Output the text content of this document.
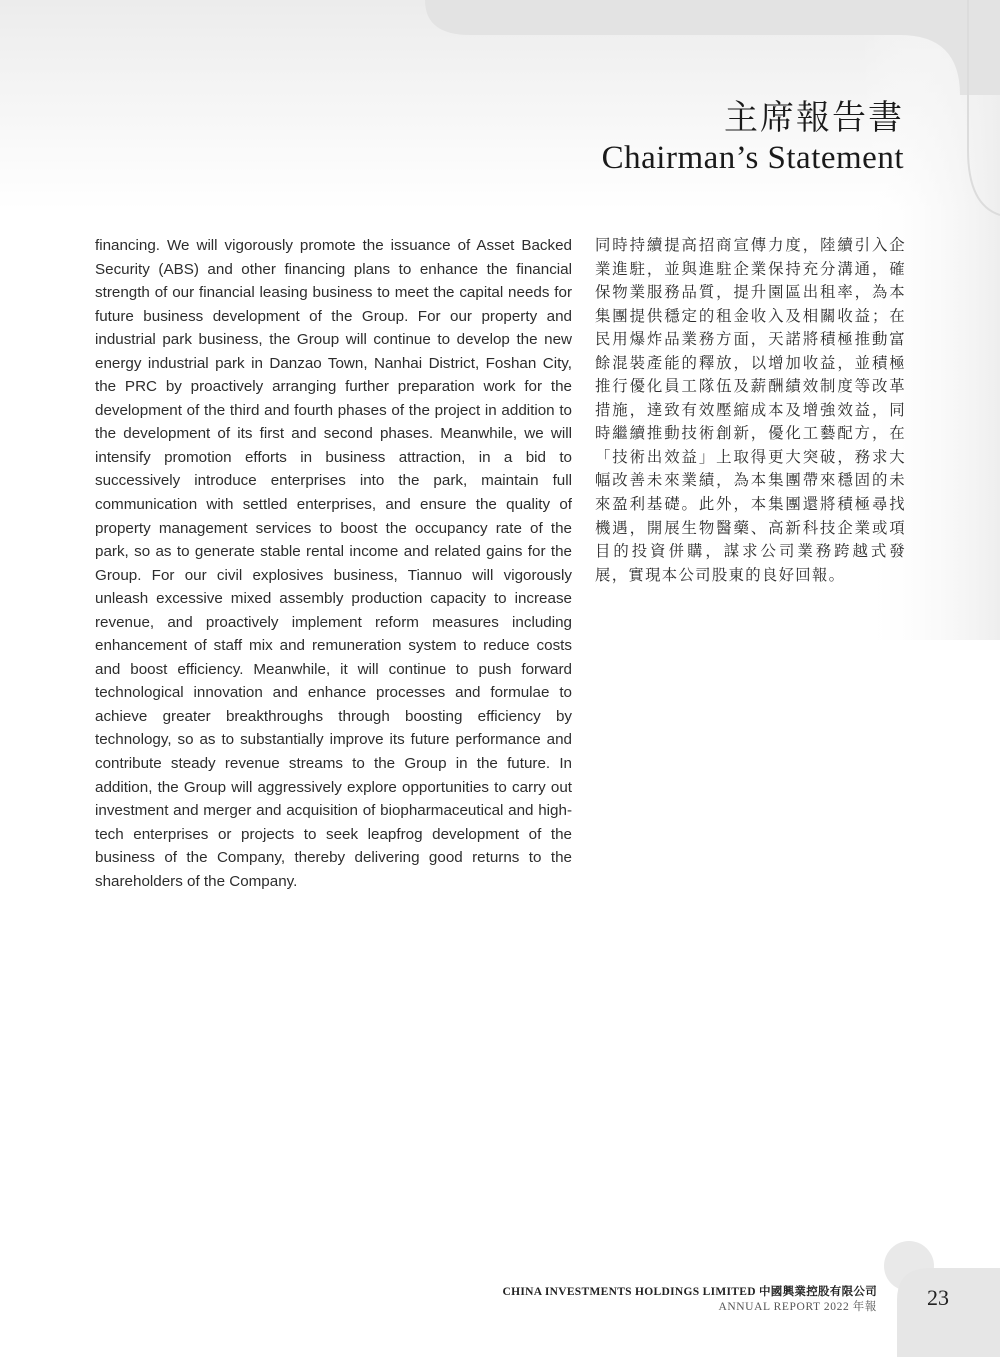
主席報告書
Chairman’s Statement
financing. We will vigorously promote the issuance of Asset Backed Security (ABS) and other financing plans to enhance the financial strength of our financial leasing business to meet the capital needs for future business development of the Group. For our property and industrial park business, the Group will continue to develop the new energy industrial park in Danzao Town, Nanhai District, Foshan City, the PRC by proactively arranging further preparation work for the development of the third and fourth phases of the project in addition to the development of its first and second phases. Meanwhile, we will intensify promotion efforts in business attraction, in a bid to successively introduce enterprises into the park, maintain full communication with settled enterprises, and ensure the quality of property management services to boost the occupancy rate of the park, so as to generate stable rental income and related gains for the Group. For our civil explosives business, Tiannuo will vigorously unleash excessive mixed assembly production capacity to increase revenue, and proactively implement reform measures including enhancement of staff mix and remuneration system to reduce costs and boost efficiency. Meanwhile, it will continue to push forward technological innovation and enhance processes and formulae to achieve greater breakthroughs through boosting efficiency by technology, so as to substantially improve its future performance and contribute steady revenue streams to the Group in the future. In addition, the Group will aggressively explore opportunities to carry out investment and merger and acquisition of biopharmaceutical and high-tech enterprises or projects to seek leapfrog development of the business of the Company, thereby delivering good returns to the shareholders of the Company.
同時持續提高招商宣傳力度，陸續引入企業進駐，並與進駐企業保持充分溝通，確保物業服務品質，提升園區出租率，為本集團提供穩定的租金收入及相關收益；在民用爆炸品業務方面，天諾將積極推動富餘混裝產能的釋放，以增加收益，並積極推行優化員工隊伍及薪酬績效制度等改革措施，達致有效壓縮成本及增強效益，同時繼續推動技術創新，優化工藝配方，在「技術出效益」上取得更大突破，務求大幅改善未來業績，為本集團帶來穩固的未來盈利基礎。此外，本集團還將積極尋找機遇，開展生物醫藥、高新科技企業或項目的投資併購，謀求公司業務跨越式發展，實現本公司股東的良好回報。
CHINA INVESTMENTS HOLDINGS LIMITED 中國興業控股有限公司
ANNUAL REPORT 2022 年報	23
